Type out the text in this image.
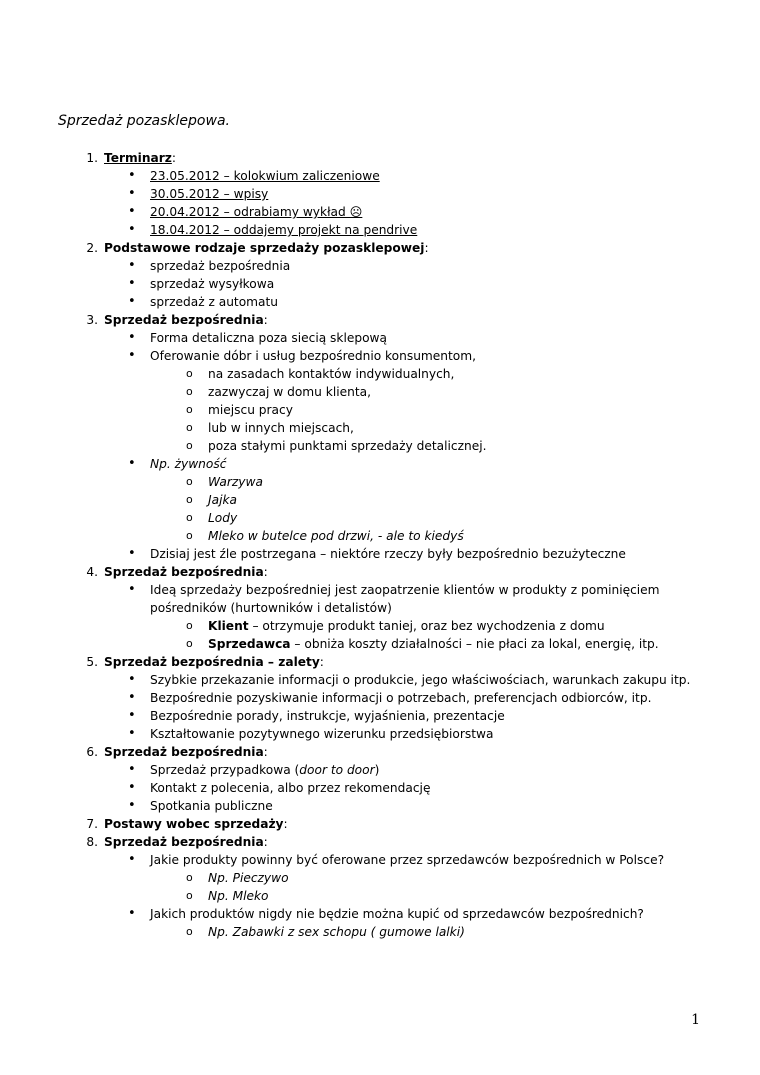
Sprzedaż pozasklepowa.
1. Terminarz:
• 23.05.2012 – kolokwium zaliczeniowe
• 30.05.2012 – wpisy
• 20.04.2012 – odrabiamy wykład ☹
• 18.04.2012 – oddajemy projekt na pendrive
2. Podstawowe rodzaje sprzedaży pozasklepowej:
• sprzedaż bezpośrednia
• sprzedaż wysyłkowa
• sprzedaż z automatu
3. Sprzedaż bezpośrednia:
• Forma detaliczna poza siecią sklepową
• Oferowanie dóbr i usług bezpośrednio konsumentom,
o na zasadach kontaktów indywidualnych,
o zazwyczaj w domu klienta,
o miejscu pracy
o lub w innych miejscach,
o poza stałymi punktami sprzedaży detalicznej.
• Np. żywność
o Warzywa
o Jajka
o Lody
o Mleko w butelce pod drzwi, - ale to kiedyś
• Dzisiaj jest źle postrzegana – niektóre rzeczy były bezpośrednio bezużyteczne
4. Sprzedaż bezpośrednia:
• Ideą sprzedaży bezpośredniej jest zaopatrzenie klientów w produkty z pominięciem
pośredników (hurtowników i detalistów)
o Klient – otrzymuje produkt taniej, oraz bez wychodzenia z domu
o Sprzedawca – obniża koszty działalności – nie płaci za lokal, energię, itp.
5. Sprzedaż bezpośrednia – zalety:
• Szybkie przekazanie informacji o produkcie, jego właściwościach, warunkach zakupu itp.
• Bezpośrednie pozyskiwanie informacji o potrzebach, preferencjach odbiorców, itp.
• Bezpośrednie porady, instrukcje, wyjaśnienia, prezentacje
• Kształtowanie pozytywnego wizerunku przedsiębiorstwa
6. Sprzedaż bezpośrednia:
• Sprzedaż przypadkowa (door to door)
• Kontakt z polecenia, albo przez rekomendację
• Spotkania publiczne
7. Postawy wobec sprzedaży:
8. Sprzedaż bezpośrednia:
• Jakie produkty powinny być oferowane przez sprzedawców bezpośrednich w Polsce?
o Np. Pieczywo
o Np. Mleko
• Jakich produktów nigdy nie będzie można kupić od sprzedawców bezpośrednich?
o Np. Zabawki z sex schopu ( gumowe lalki)
1
